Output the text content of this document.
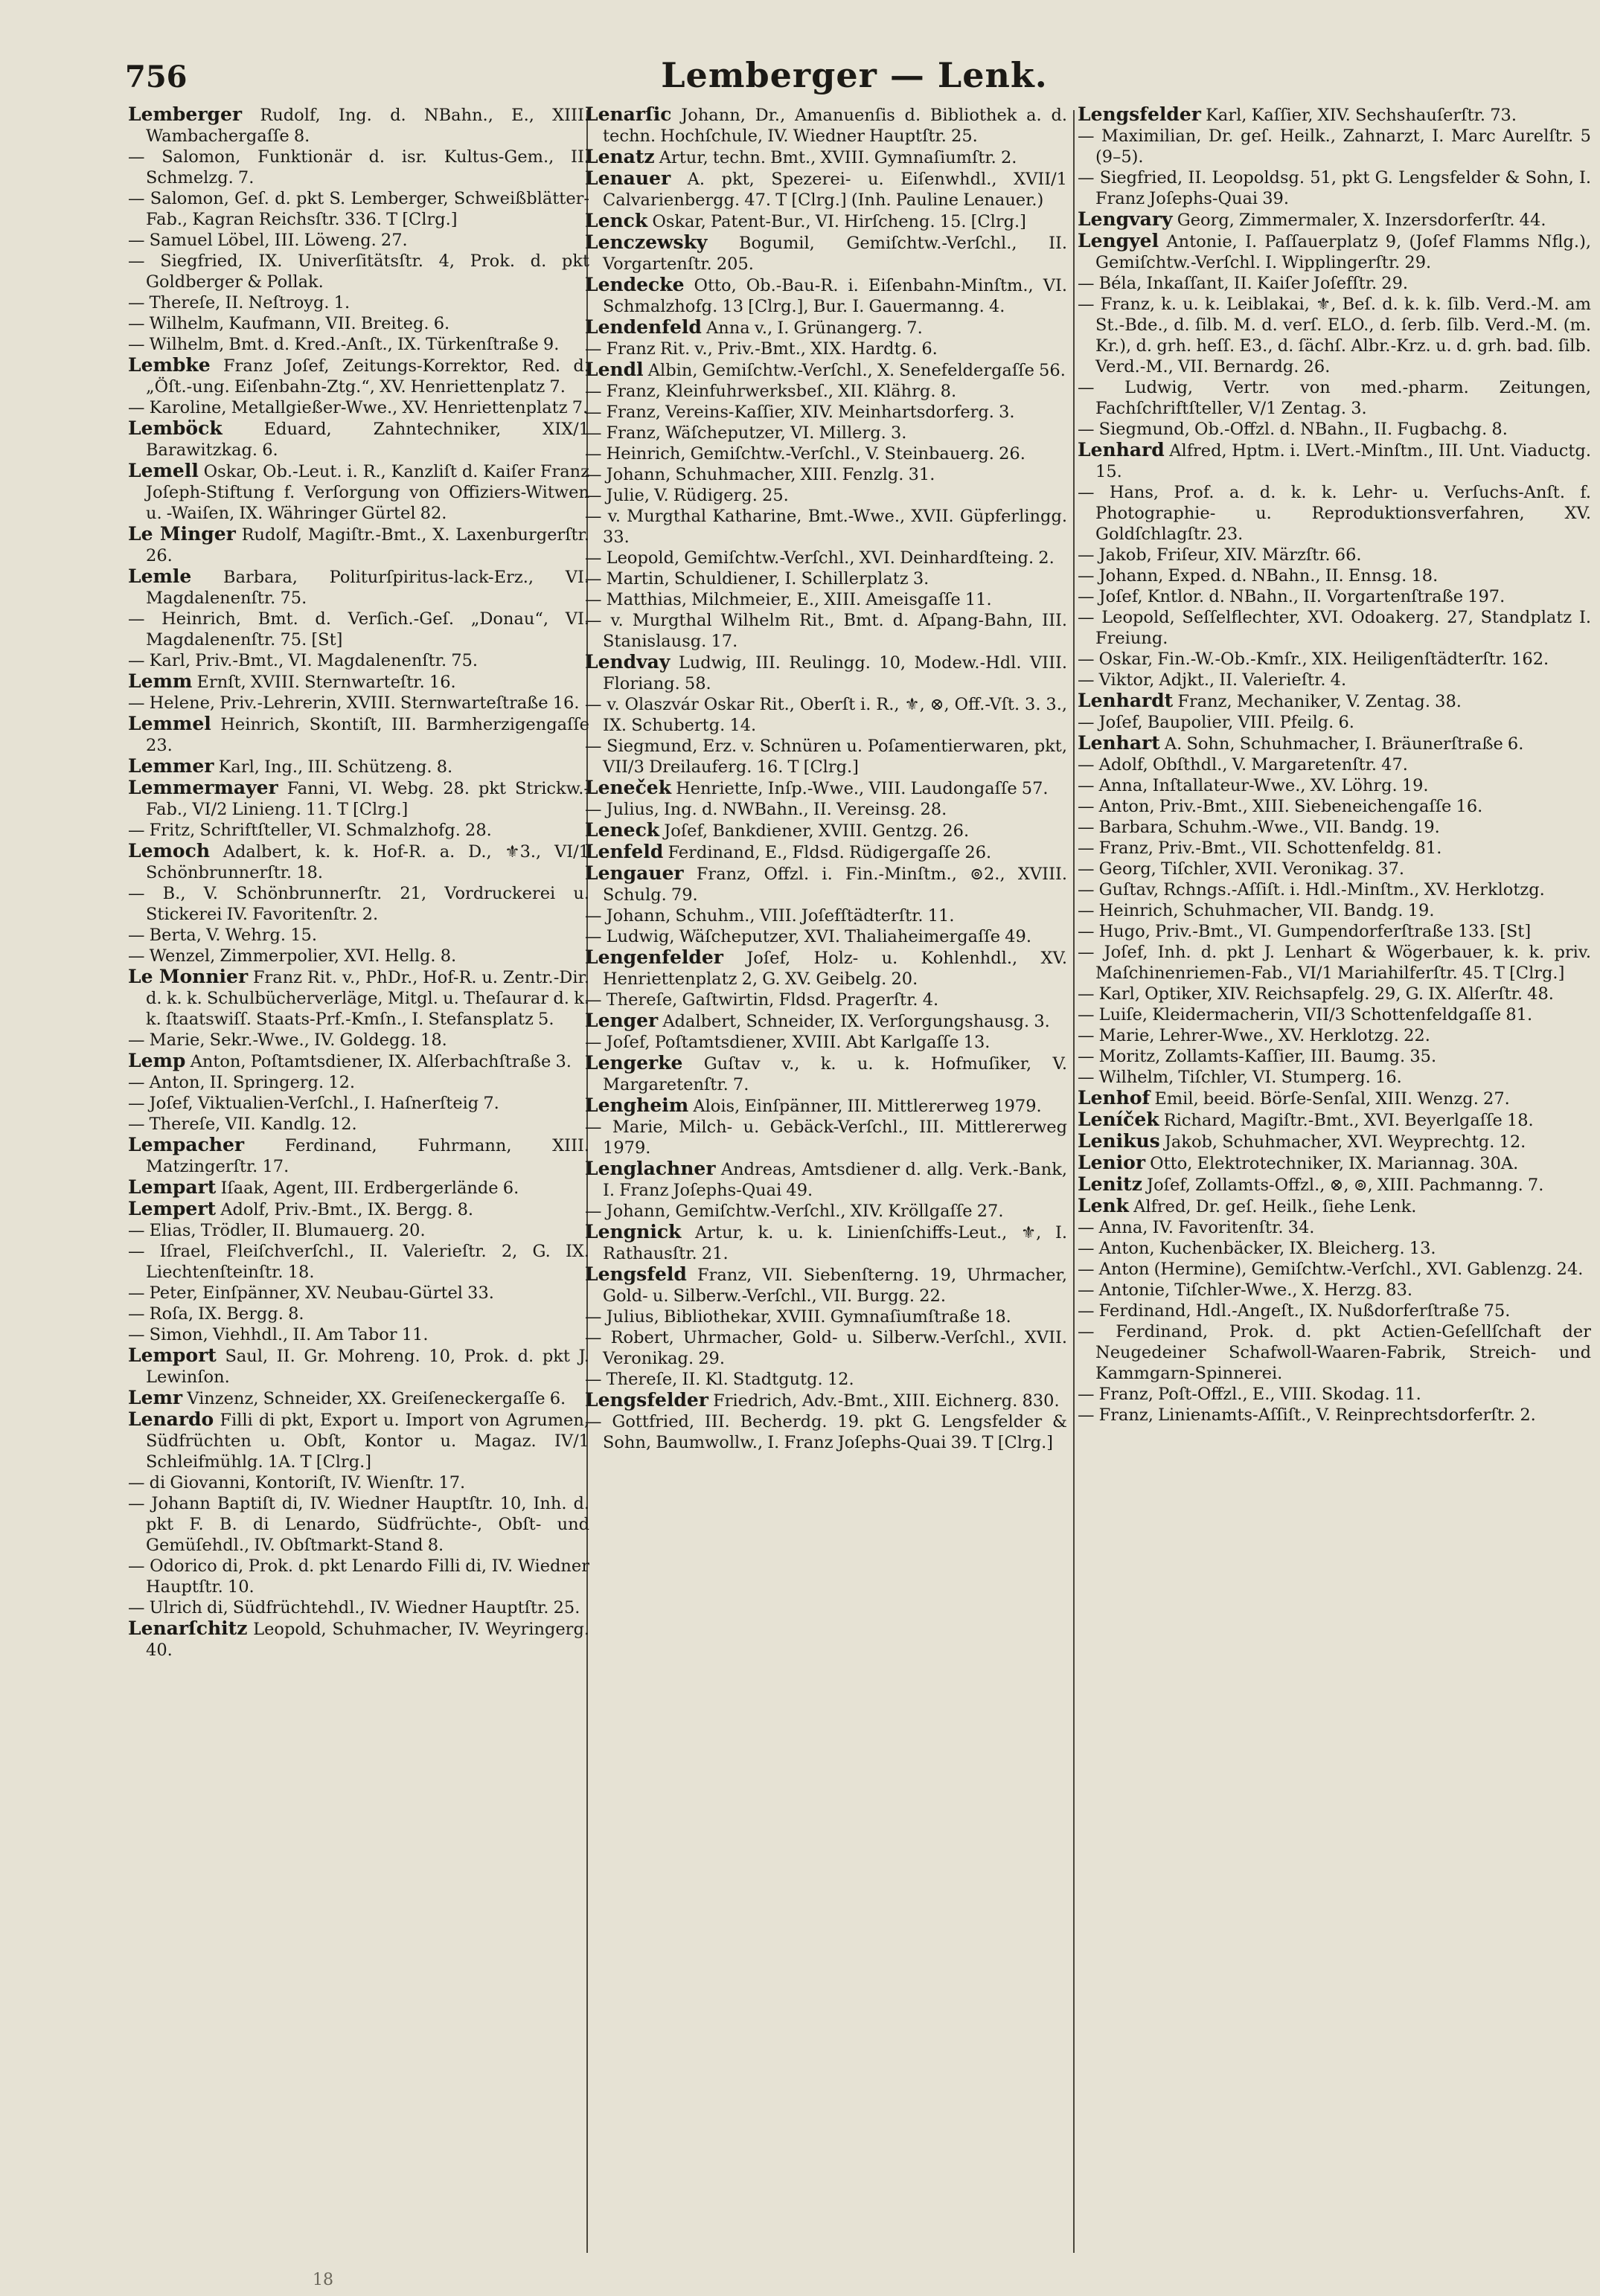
756	Lemberger — Lenk.
Lemberger Rudolf, Ing. d. NBahn., E., XIII. Wambachergaſſe 8.
— Salomon, Funktionär d. isr. Kultus-Gem., II. Schmelzg. 7.
— Salomon, Geſ. d. pkt S. Lemberger, Schweißblätter-Fab., Kagran Reichsſtr. 336. T [Clrg.]
— Samuel Löbel, III. Löweng. 27.
— Siegfried, IX. Univerſitätsſtr. 4, Prok. d. pkt Goldberger & Pollak.
— Thereſe, II. Neſtroyg. 1.
— Wilhelm, Kaufmann, VII. Breiteg. 6.
— Wilhelm, Bmt. d. Kred.-Anſt., IX. Türkenſtraße 9.
Lembke Franz Joſef, Zeitungs-Korrektor, Red. d. „Öſt.-ung. Eiſenbahn-Ztg.“, XV. Henriettenplatz 7.
— Karoline, Metallgießer-Wwe., XV. Henriettenplatz 7.
Lemböck Eduard, Zahntechniker, XIX/1 Barawitzkag. 6.
Lemell Oskar, Ob.-Leut. i. R., Kanzliſt d. Kaiſer Franz Joſeph-Stiftung f. Verſorgung von Offiziers-Witwen u. -Waiſen, IX. Währinger Gürtel 82.
Le Minger Rudolf, Magiſtr.-Bmt., X. Laxenburgerſtr. 26.
Lemle Barbara, Politurſpiritus-lack-Erz., VI. Magdalenenſtr. 75.
— Heinrich, Bmt. d. Verſich.-Geſ. „Donau“, VI. Magdalenenſtr. 75. [St]
— Karl, Priv.-Bmt., VI. Magdalenenſtr. 75.
Lemm Ernſt, XVIII. Sternwarteſtr. 16.
— Helene, Priv.-Lehrerin, XVIII. Sternwarteſtraße 16.
Lemmel Heinrich, Skontiſt, III. Barmherzigengaſſe 23.
Lemmer Karl, Ing., III. Schützeng. 8.
Lemmermayer Fanni, VI. Webg. 28. pkt Strickw.-Fab., VI/2 Linieng. 11. T [Clrg.]
— Fritz, Schriftſteller, VI. Schmalzhofg. 28.
Lemoch Adalbert, k. k. Hof-R. a. D., ⚜3., VI/1 Schönbrunnerſtr. 18.
— B., V. Schönbrunnerſtr. 21, Vordruckerei u. Stickerei IV. Favoritenſtr. 2.
— Berta, V. Wehrg. 15.
— Wenzel, Zimmerpolier, XVI. Hellg. 8.
Le Monnier Franz Rit. v., PhDr., Hof-R. u. Zentr.-Dir. d. k. k. Schulbücherverläge, Mitgl. u. Theſaurar d. k. k. ſtaatswiſſ. Staats-Prf.-Kmſn., I. Stefansplatz 5.
— Marie, Sekr.-Wwe., IV. Goldegg. 18.
Lemp Anton, Poſtamtsdiener, IX. Alſerbachſtraße 3.
— Anton, II. Springerg. 12.
— Joſef, Viktualien-Verſchl., I. Haſnerſteig 7.
— Thereſe, VII. Kandlg. 12.
Lempacher Ferdinand, Fuhrmann, XIII. Matzingerſtr. 17.
Lempart Iſaak, Agent, III. Erdbergerlände 6.
Lempert Adolf, Priv.-Bmt., IX. Bergg. 8.
— Elias, Trödler, II. Blumauerg. 20.
— Iſrael, Fleiſchverſchl., II. Valerieſtr. 2, G. IX. Liechtenſteinſtr. 18.
— Peter, Einſpänner, XV. Neubau-Gürtel 33.
— Roſa, IX. Bergg. 8.
— Simon, Viehhdl., II. Am Tabor 11.
Lemport Saul, II. Gr. Mohreng. 10, Prok. d. pkt J. Lewinſon.
Lemr Vinzenz, Schneider, XX. Greiſeneckergaſſe 6.
Lenardo Filli di pkt, Export u. Import von Agrumen, Südfrüchten u. Obſt, Kontor u. Magaz. IV/1 Schleifmühlg. 1A. T [Clrg.]
— di Giovanni, Kontoriſt, IV. Wienſtr. 17.
— Johann Baptiſt di, IV. Wiedner Hauptſtr. 10, Inh. d. pkt F. B. di Lenardo, Südfrüchte-, Obſt- und Gemüſehdl., IV. Obſtmarkt-Stand 8.
— Odorico di, Prok. d. pkt Lenardo Filli di, IV. Wiedner Hauptſtr. 10.
— Ulrich di, Südfrüchtehdl., IV. Wiedner Hauptſtr. 25.
Lenarſchitz Leopold, Schuhmacher, IV. Weyringerg. 40.
Lenarſic Johann, Dr., Amanuenſis d. Bibliothek a. d. techn. Hochſchule, IV. Wiedner Hauptſtr. 25.
Lenatz Artur, techn. Bmt., XVIII. Gymnaſiumſtr. 2.
Lenauer A. pkt, Spezerei- u. Eiſenwhdl., XVII/1 Calvarienbergg. 47. T [Clrg.] (Inh. Pauline Lenauer.)
Lenck Oskar, Patent-Bur., VI. Hirſcheng. 15. [Clrg.]
Lenczewsky Bogumil, Gemiſchtw.-Verſchl., II. Vorgartenſtr. 205.
Lendecke Otto, Ob.-Bau-R. i. Eiſenbahn-Minſtm., VI. Schmalzhofg. 13 [Clrg.], Bur. I. Gauermanng. 4.
Lendenfeld Anna v., I. Grünangerg. 7.
— Franz Rit. v., Priv.-Bmt., XIX. Hardtg. 6.
Lendl Albin, Gemiſchtw.-Verſchl., X. Senefeldergaſſe 56.
— Franz, Kleinfuhrwerksbeſ., XII. Klährg. 8.
— Franz, Vereins-Kaſſier, XIV. Meinhartsdorferg. 3.
— Franz, Wäſcheputzer, VI. Millerg. 3.
— Heinrich, Gemiſchtw.-Verſchl., V. Steinbauerg. 26.
— Johann, Schuhmacher, XIII. Fenzlg. 31.
— Julie, V. Rüdigerg. 25.
— v. Murgthal Katharine, Bmt.-Wwe., XVII. Güpferlingg. 33.
— Leopold, Gemiſchtw.-Verſchl., XVI. Deinhardſteing. 2.
— Martin, Schuldiener, I. Schillerplatz 3.
— Matthias, Milchmeier, E., XIII. Ameisgaſſe 11.
— v. Murgthal Wilhelm Rit., Bmt. d. Aſpang-Bahn, III. Stanislausg. 17.
Lendvay Ludwig, III. Reulingg. 10, Modew.-Hdl. VIII. Floriang. 58.
— v. Olaszvár Oskar Rit., Oberſt i. R., ⚜, ⊗, Off.-Vſt. 3. 3., IX. Schubertg. 14.
— Siegmund, Erz. v. Schnüren u. Poſamentierwaren, pkt, VII/3 Dreilauferg. 16. T [Clrg.]
Leneček Henriette, Inſp.-Wwe., VIII. Laudongaſſe 57.
— Julius, Ing. d. NWBahn., II. Vereinsg. 28.
Leneck Joſef, Bankdiener, XVIII. Gentzg. 26.
Lenfeld Ferdinand, E., Fldsd. Rüdigergaſſe 26.
Lengauer Franz, Offzl. i. Fin.-Minſtm., ⊚2., XVIII. Schulg. 79.
— Johann, Schuhm., VIII. Joſefſtädterſtr. 11.
— Ludwig, Wäſcheputzer, XVI. Thaliaheimergaſſe 49.
Lengenfelder Joſef, Holz- u. Kohlenhdl., XV. Henriettenplatz 2, G. XV. Geibelg. 20.
— Thereſe, Gaſtwirtin, Fldsd. Pragerſtr. 4.
Lenger Adalbert, Schneider, IX. Verſorgungshausg. 3.
— Joſef, Poſtamtsdiener, XVIII. Abt Karlgaſſe 13.
Lengerke Guſtav v., k. u. k. Hofmuſiker, V. Margaretenſtr. 7.
Lengheim Alois, Einſpänner, III. Mittlererweg 1979.
— Marie, Milch- u. Gebäck-Verſchl., III. Mittlererweg 1979.
Lenglachner Andreas, Amtsdiener d. allg. Verk.-Bank, I. Franz Joſephs-Quai 49.
— Johann, Gemiſchtw.-Verſchl., XIV. Kröllgaſſe 27.
Lengnick Artur, k. u. k. Linienſchiffs-Leut., ⚜, I. Rathausſtr. 21.
Lengsfeld Franz, VII. Siebenſterng. 19, Uhrmacher, Gold- u. Silberw.-Verſchl., VII. Burgg. 22.
— Julius, Bibliothekar, XVIII. Gymnaſiumſtraße 18.
— Robert, Uhrmacher, Gold- u. Silberw.-Verſchl., XVII. Veronikag. 29.
— Thereſe, II. Kl. Stadtgutg. 12.
Lengsfelder Friedrich, Adv.-Bmt., XIII. Eichnerg. 830.
— Gottfried, III. Becherdg. 19. pkt G. Lengsfelder & Sohn, Baumwollw., I. Franz Joſephs-Quai 39. T [Clrg.]
Lengsfelder Karl, Kaſſier, XIV. Sechshauſerſtr. 73.
— Maximilian, Dr. geſ. Heilk., Zahnarzt, I. Marc Aurelſtr. 5 (9–5).
— Siegfried, II. Leopoldsg. 51, pkt G. Lengsfelder & Sohn, I. Franz Joſephs-Quai 39.
Lengvary Georg, Zimmermaler, X. Inzersdorferſtr. 44.
Lengyel Antonie, I. Paſſauerplatz 9, (Joſef Flamms Nflg.), Gemiſchtw.-Verſchl. I. Wipplingerſtr. 29.
— Béla, Inkaſſant, II. Kaiſer Joſefſtr. 29.
— Franz, k. u. k. Leiblakai, ⚜, Beſ. d. k. k. ſilb. Verd.-M. am St.-Bde., d. ſilb. M. d. verſ. ELO., d. ſerb. ſilb. Verd.-M. (m. Kr.), d. grh. heſſ. E3., d. ſächſ. Albr.-Krz. u. d. grh. bad. ſilb. Verd.-M., VII. Bernardg. 26.
— Ludwig, Vertr. von med.-pharm. Zeitungen, Fachſchriftſteller, V/1 Zentag. 3.
— Siegmund, Ob.-Offzl. d. NBahn., II. Fugbachg. 8.
Lenhard Alfred, Hptm. i. LVert.-Minſtm., III. Unt. Viaductg. 15.
— Hans, Prof. a. d. k. k. Lehr- u. Verſuchs-Anſt. f. Photographie- u. Reproduktionsverfahren, XV. Goldſchlagſtr. 23.
— Jakob, Friſeur, XIV. Märzſtr. 66.
— Johann, Exped. d. NBahn., II. Ennsg. 18.
— Joſef, Kntlor. d. NBahn., II. Vorgartenſtraße 197.
— Leopold, Seſſelflechter, XVI. Odoakerg. 27, Standplatz I. Freiung.
— Oskar, Fin.-W.-Ob.-Kmſr., XIX. Heiligenſtädterſtr. 162.
— Viktor, Adjkt., II. Valerieſtr. 4.
Lenhardt Franz, Mechaniker, V. Zentag. 38.
— Joſef, Baupolier, VIII. Pfeilg. 6.
Lenhart A. Sohn, Schuhmacher, I. Bräunerſtraße 6.
— Adolf, Obſthdl., V. Margaretenſtr. 47.
— Anna, Inſtallateur-Wwe., XV. Löhrg. 19.
— Anton, Priv.-Bmt., XIII. Siebeneichengaſſe 16.
— Barbara, Schuhm.-Wwe., VII. Bandg. 19.
— Franz, Priv.-Bmt., VII. Schottenfeldg. 81.
— Georg, Tiſchler, XVII. Veronikag. 37.
— Guſtav, Rchngs.-Aſſiſt. i. Hdl.-Minſtm., XV. Herklotzg.
— Heinrich, Schuhmacher, VII. Bandg. 19.
— Hugo, Priv.-Bmt., VI. Gumpendorferſtraße 133. [St]
— Joſef, Inh. d. pkt J. Lenhart & Wögerbauer, k. k. priv. Maſchinenriemen-Fab., VI/1 Mariahilferſtr. 45. T [Clrg.]
— Karl, Optiker, XIV. Reichsapfelg. 29, G. IX. Alſerſtr. 48.
— Luiſe, Kleidermacherin, VII/3 Schottenfeldgaſſe 81.
— Marie, Lehrer-Wwe., XV. Herklotzg. 22.
— Moritz, Zollamts-Kaſſier, III. Baumg. 35.
— Wilhelm, Tiſchler, VI. Stumperg. 16.
Lenhof Emil, beeid. Börſe-Senſal, XIII. Wenzg. 27.
Leníček Richard, Magiſtr.-Bmt., XVI. Beyerlgaſſe 18.
Lenikus Jakob, Schuhmacher, XVI. Weyprechtg. 12.
Lenior Otto, Elektrotechniker, IX. Mariannag. 30A.
Lenitz Joſef, Zollamts-Offzl., ⊗, ⊚, XIII. Pachmanng. 7.
Lenk Alfred, Dr. geſ. Heilk., ſiehe Lenk.
— Anna, IV. Favoritenſtr. 34.
— Anton, Kuchenbäcker, IX. Bleicherg. 13.
— Anton (Hermine), Gemiſchtw.-Verſchl., XVI. Gablenzg. 24.
— Antonie, Tiſchler-Wwe., X. Herzg. 83.
— Ferdinand, Hdl.-Angeſt., IX. Nußdorferſtraße 75.
— Ferdinand, Prok. d. pkt Actien-Geſellſchaft der Neugedeiner Schafwoll-Waaren-Fabrik, Streich- und Kammgarn-Spinnerei.
— Franz, Poſt-Offzl., E., VIII. Skodag. 11.
— Franz, Linienamts-Aſſiſt., V. Reinprechtsdorferſtr. 2.
18
